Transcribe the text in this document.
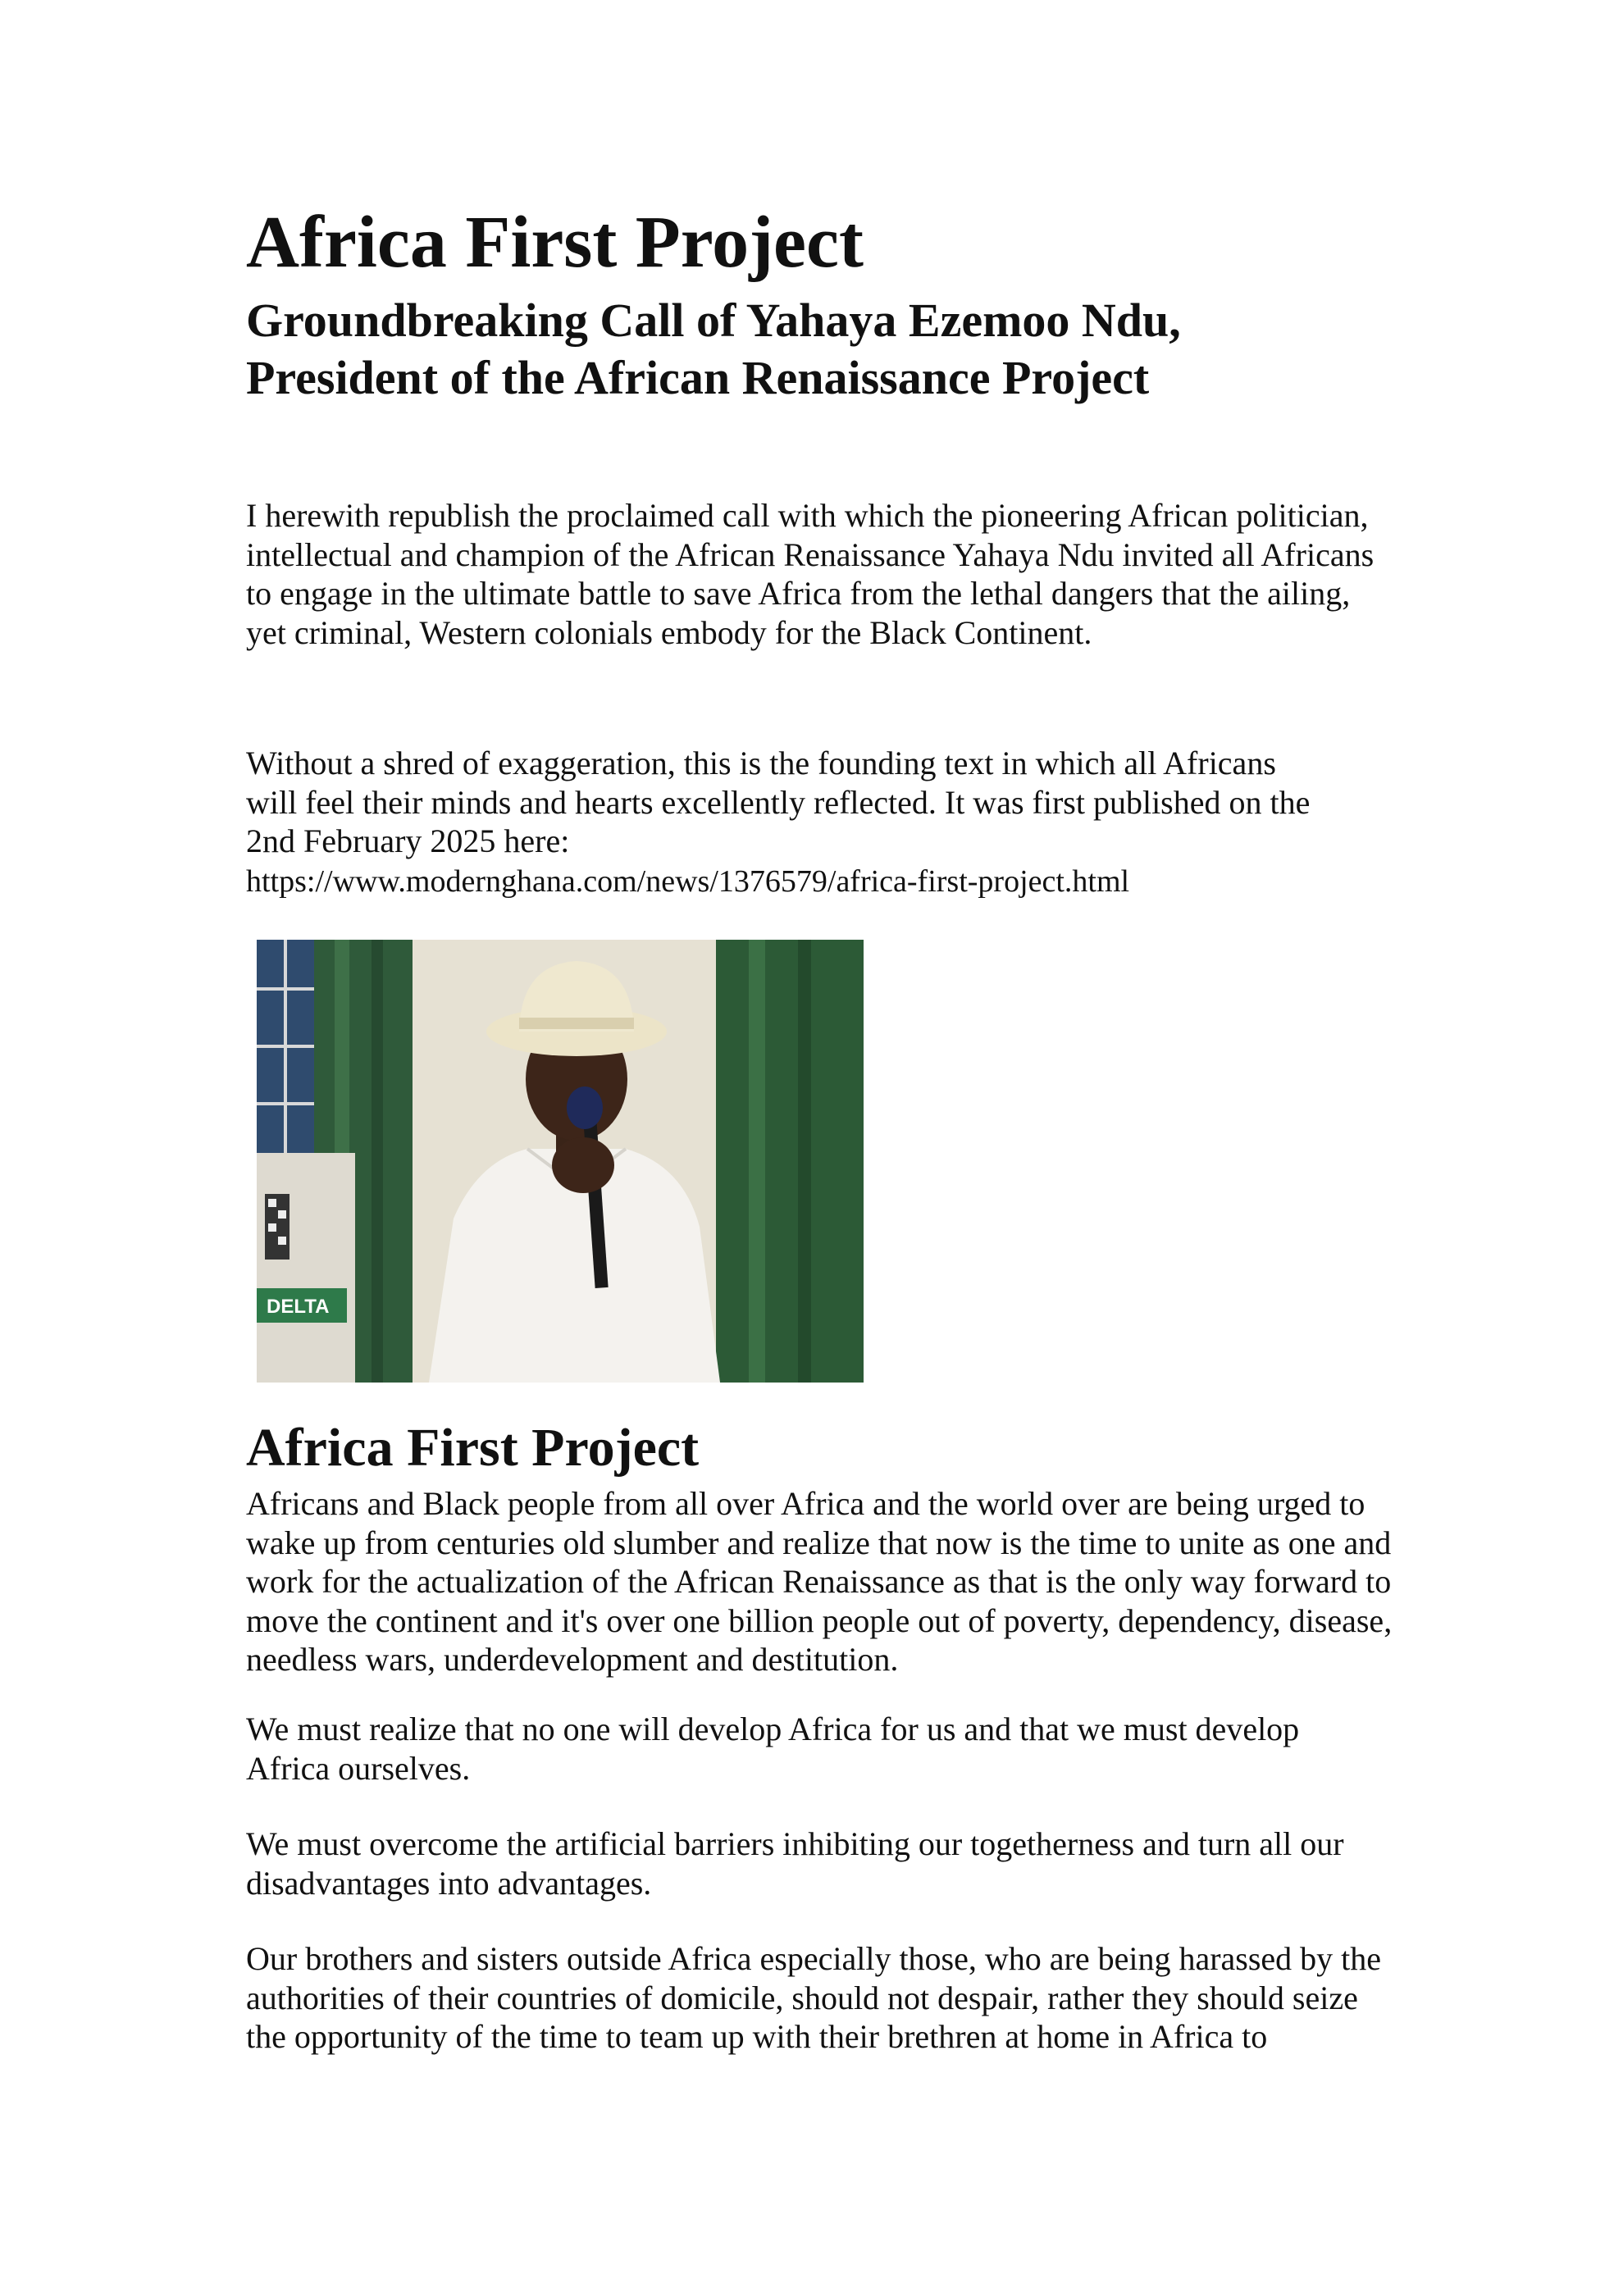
Africa First Project
Groundbreaking Call of Yahaya Ezemoo Ndu,
President of the African Renaissance Project

I herewith republish the proclaimed call with which the pioneering African politician, intellectual and champion of the African Renaissance Yahaya Ndu invited all Africans to engage in the ultimate battle to save Africa from the lethal dangers that the ailing, yet criminal, Western colonials embody for the Black Continent.

Without a shred of exaggeration, this is the founding text in which all Africans will feel their minds and hearts excellently reflected. It was first published on the 2nd February 2025 here:

https://www.modernghana.com/news/1376579/africa-first-project.html

DELTA
Africa First Project

Africans and Black people from all over Africa and the world over are being urged to wake up from centuries old slumber and realize that now is the time to unite as one and work for the actualization of the African Renaissance as that is the only way forward to move the continent and it's over one billion people out of poverty, dependency, disease, needless wars, underdevelopment and destitution.

We must realize that no one will develop Africa for us and that we must develop Africa ourselves.

We must overcome the artificial barriers inhibiting our togetherness and turn all our disadvantages into advantages.

Our brothers and sisters outside Africa especially those, who are being harassed by the authorities of their countries of domicile, should not despair, rather they should seize the opportunity of the time to team up with their brethren at home in Africa to
